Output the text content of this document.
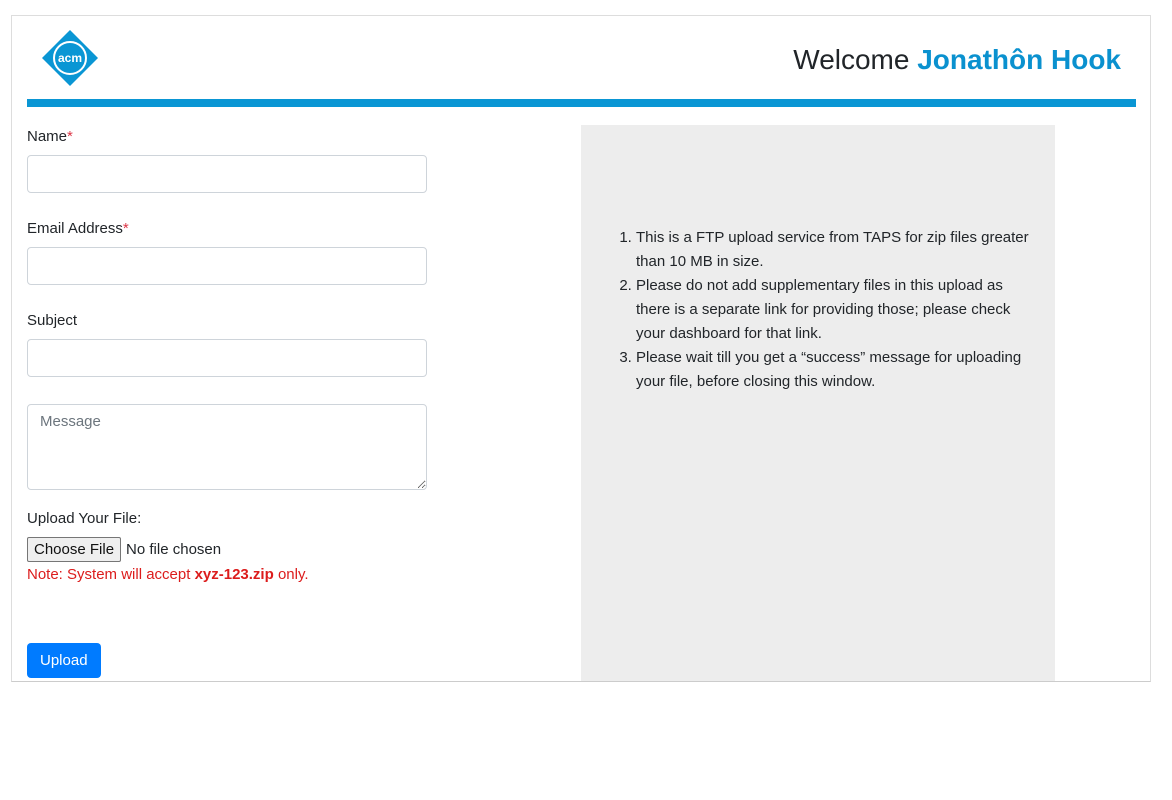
acm	Welcome Jonathôn Hook
Name*
Email Address*
Subject
Message
Upload Your File:
Choose File No file chosen
Note: System will accept xyz-123.zip only.
Upload
1. This is a FTP upload service from TAPS for zip files greater than 10 MB in size.
2. Please do not add supplementary files in this upload as there is a separate link for providing those; please check your dashboard for that link.
3. Please wait till you get a “success” message for uploading your file, before closing this window.
